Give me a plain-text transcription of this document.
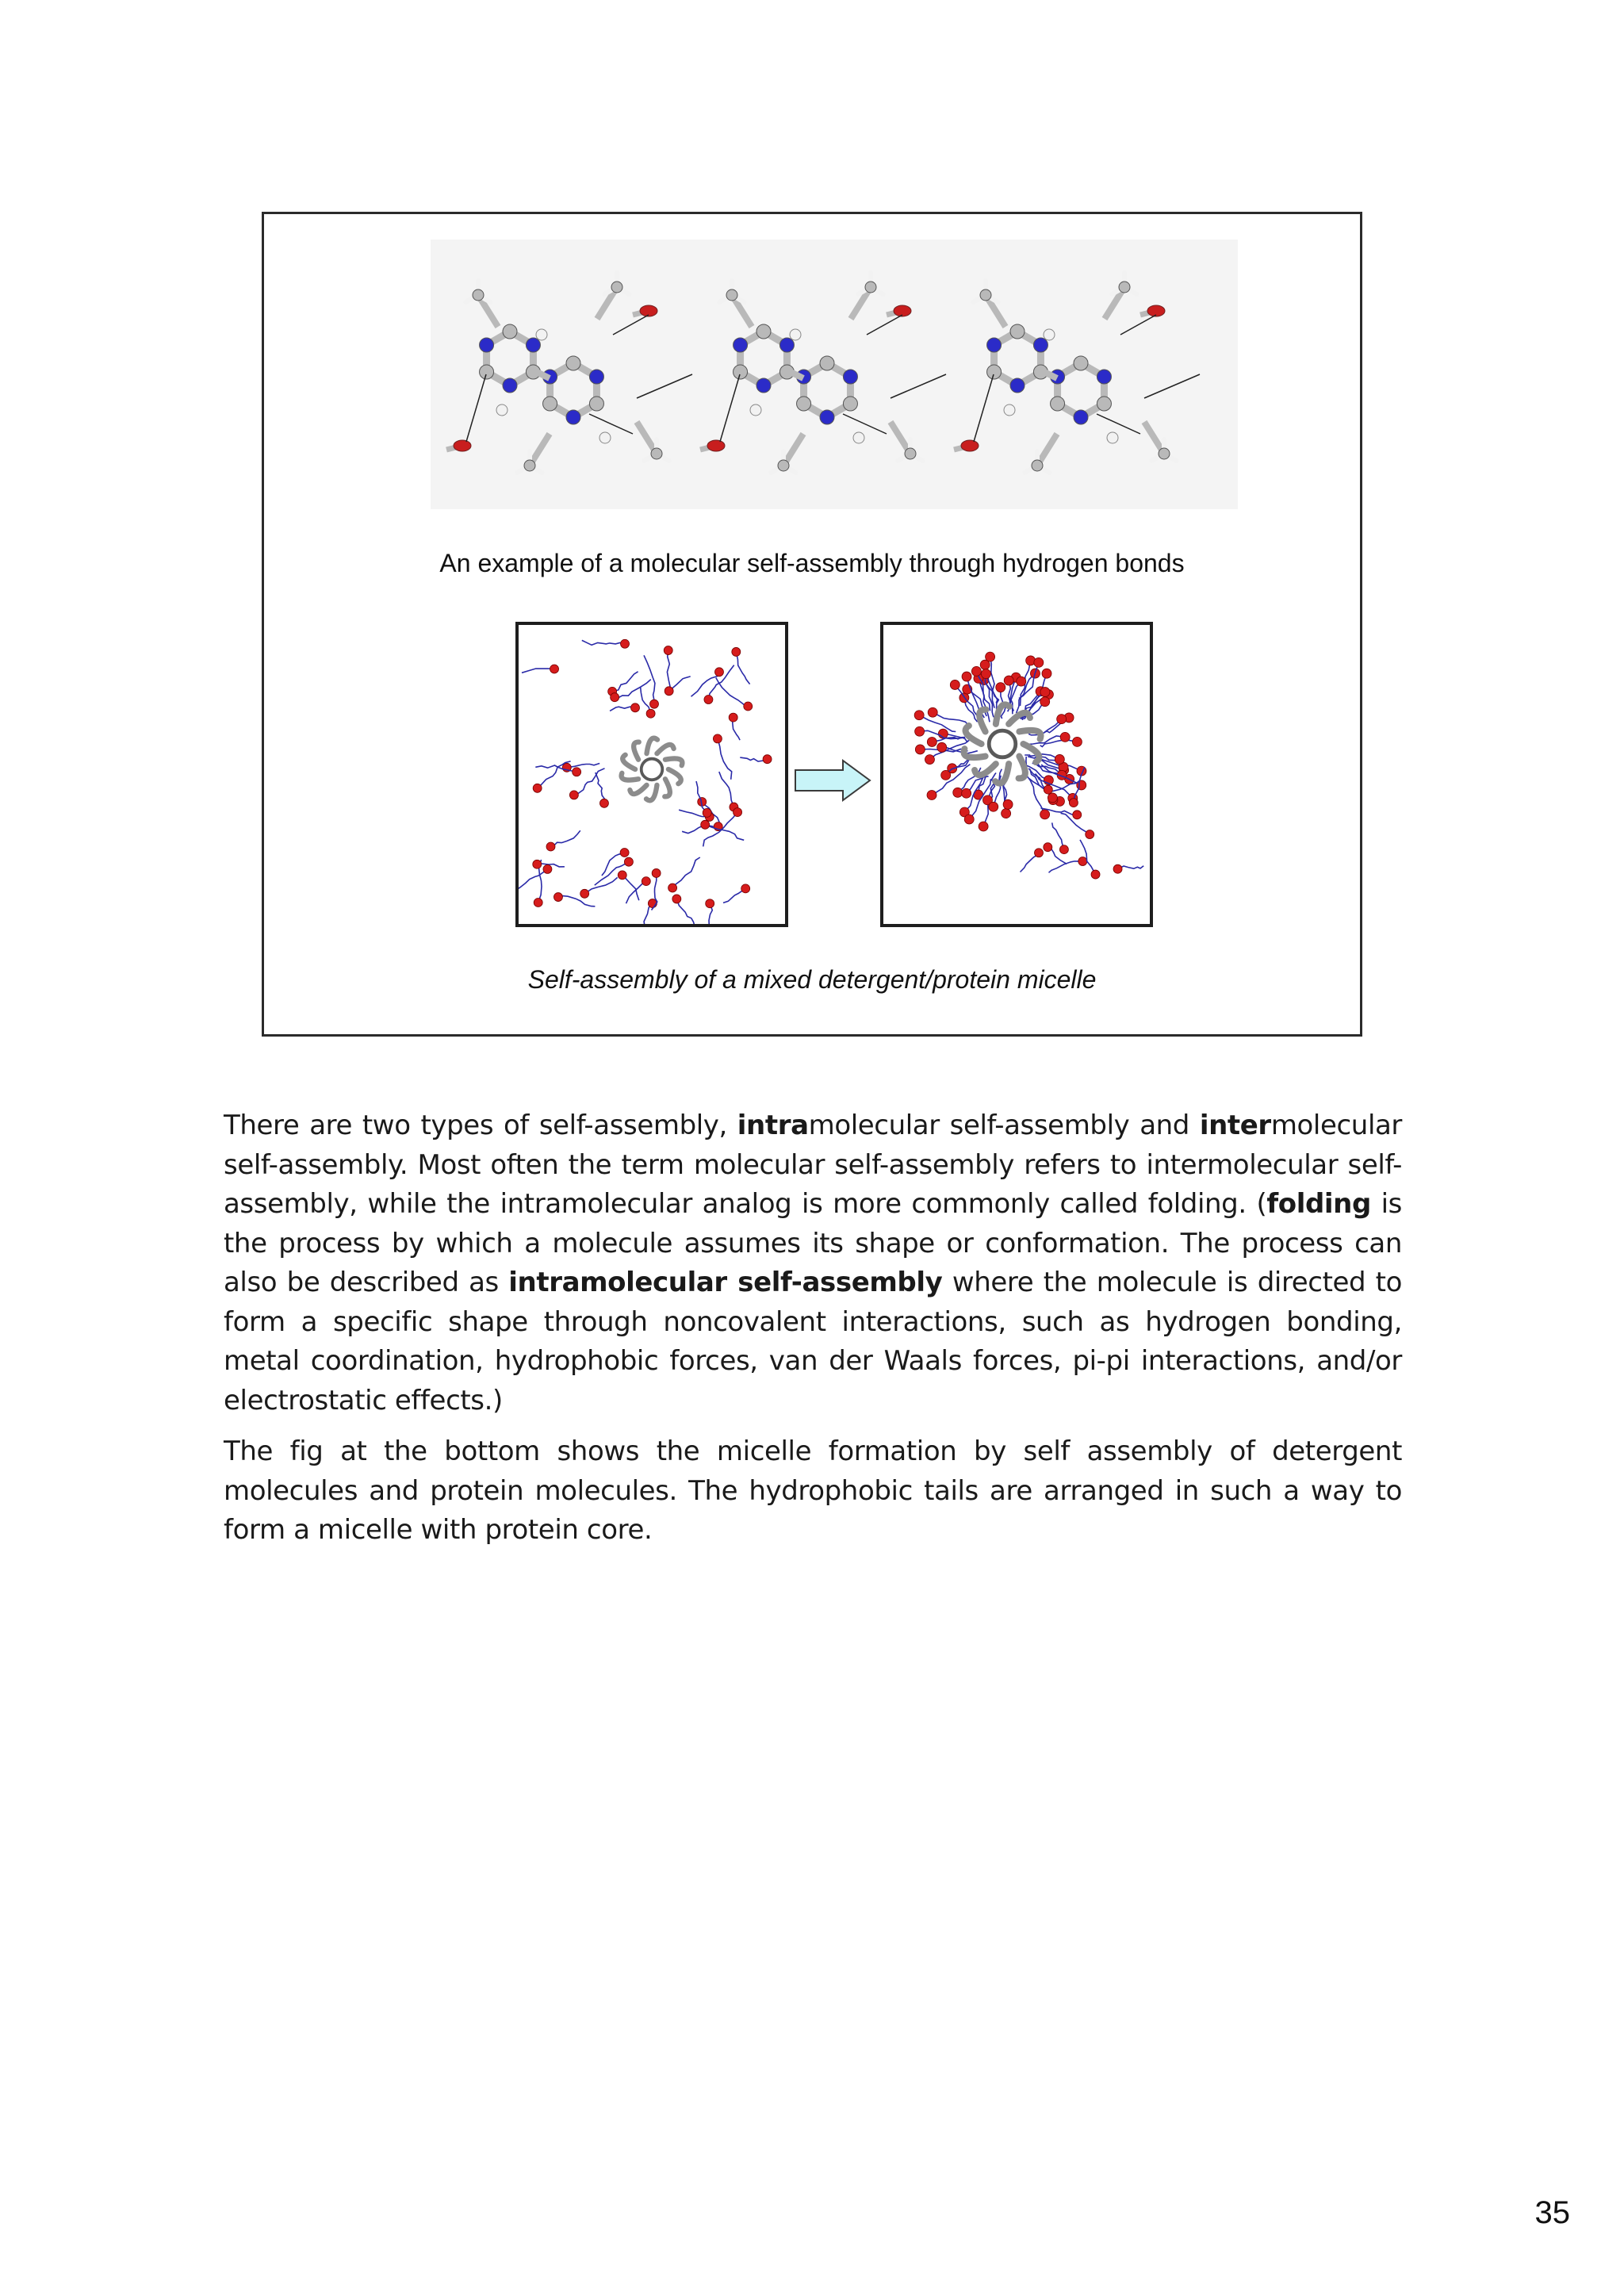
An example of a molecular self-assembly through hydrogen bonds
Self-assembly of a mixed detergent/protein micelle

There are two types of self-assembly, intramolecular self-assembly and intermolecular self-assembly. Most often the term molecular self-assembly refers to intermolecular self-assembly, while the intramolecular analog is more commonly called folding. (folding is the process by which a molecule assumes its shape or conformation. The process can also be described as intramolecular self-assembly where the molecule is directed to form a specific shape through noncovalent interactions, such as hydrogen bonding, metal coordination, hydrophobic forces, van der Waals forces, pi-pi interactions, and/or electrostatic effects.)

The fig at the bottom shows the micelle formation by self assembly of detergent molecules and protein molecules. The hydrophobic tails are arranged in such a way to form a micelle with protein core.

35
